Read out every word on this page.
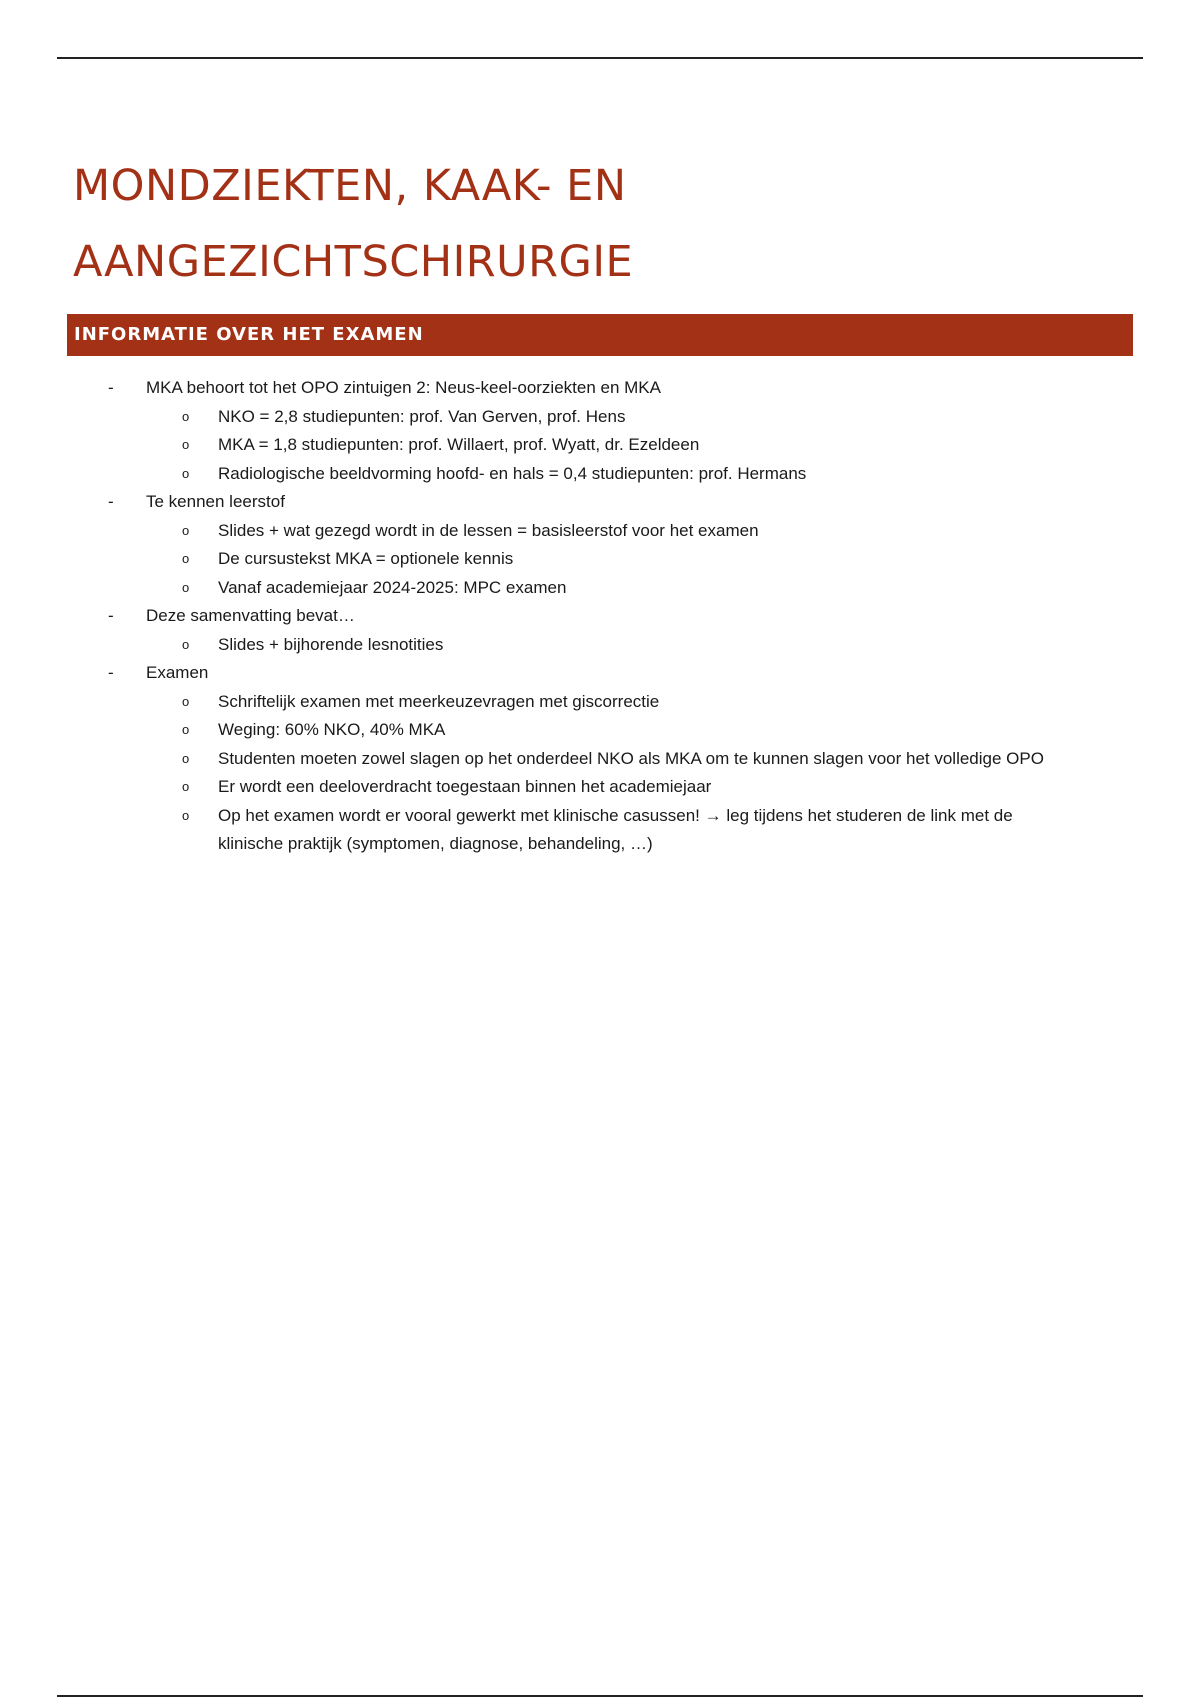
MONDZIEKTEN, KAAK- EN
AANGEZICHTSCHIRURGIE
INFORMATIE OVER HET EXAMEN
- MKA behoort tot het OPO zintuigen 2: Neus-keel-oorziekten en MKA
o NKO = 2,8 studiepunten: prof. Van Gerven, prof. Hens
o MKA = 1,8 studiepunten: prof. Willaert, prof. Wyatt, dr. Ezeldeen
o Radiologische beeldvorming hoofd- en hals = 0,4 studiepunten: prof. Hermans
- Te kennen leerstof
o Slides + wat gezegd wordt in de lessen = basisleerstof voor het examen
o De cursustekst MKA = optionele kennis
o Vanaf academiejaar 2024-2025: MPC examen
- Deze samenvatting bevat…
o Slides + bijhorende lesnotities
- Examen
o Schriftelijk examen met meerkeuzevragen met giscorrectie
o Weging: 60% NKO, 40% MKA
o Studenten moeten zowel slagen op het onderdeel NKO als MKA om te kunnen slagen voor het volledige OPO
o Er wordt een deeloverdracht toegestaan binnen het academiejaar
o Op het examen wordt er vooral gewerkt met klinische casussen! → leg tijdens het studeren de link met de
klinische praktijk (symptomen, diagnose, behandeling, …)
